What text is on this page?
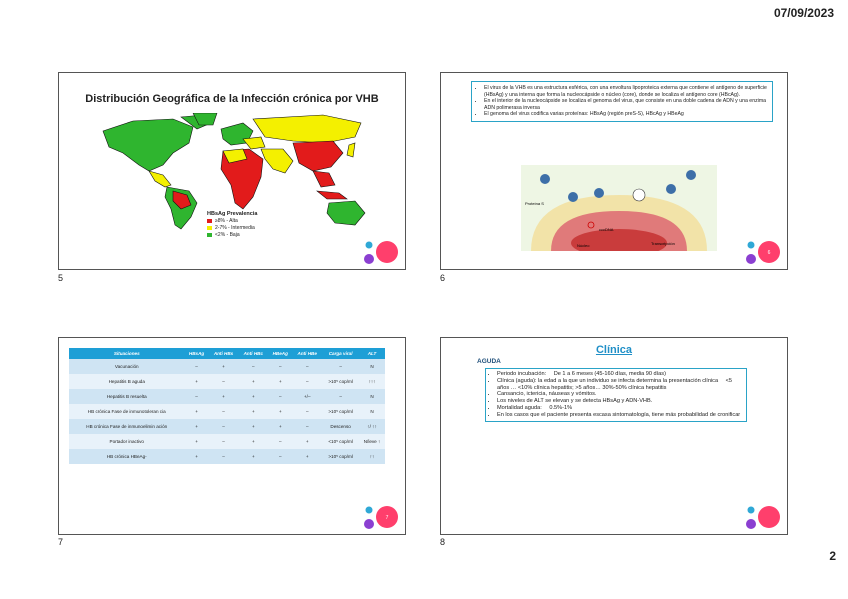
07/09/2023
Distribución Geográfica de la Infección crónica por VHB
HBsAg Prevalencia
≥8% - Alta
2-7% - Intermedia
<2% - Baja
5
• El virus de la VHB es una estructura esférica, con una envoltura lipoproteica externa que contiene el antígeno de superficie (HBsAg) y una interna que forma la nucleocápside o núcleo (core), donde se localiza el antígeno core (HBcAg).
• En el interior de la nucleocápside se localiza el genoma del virus, que consiste en una doble cadena de ADN y una enzima ADN polimerasa inversa
• El genoma del virus codifica varias proteínas: HBsAg (región preS-S), HBcAg y HBeAg
Proteína S
Núcleo
cccDNA
Transcripción
6
6
Situaciones	HBsAg	Anti HBs	Anti HBc	HBeAg	Anti HBe	Carga viral	ALT
Vacunación	–	+	–	–	–	–	N
Hepatitis B aguda	+	–	+	+	–	>10⁵ cop/ml	↑↑↑
Hepatitis B resuelta	–	+	+	–	+/–	–	N
HB crónica Fase de inmunotoleran cia	+	–	+	+	–	>10⁵ cop/ml	N
HB crónica Fase de inmunoelimin ación	+	–	+	+	–	Descenso	↑/ ↑↑
Portador inactivo	+	–	+	–	+	<10⁵ cop/ml	N/leve ↑
HB crónica HBeAg-	+	–	+	–	+	>10⁵ cop/ml	↑↑
7
7
Clínica
AGUDA
• Periodo incubación: De 1 a 6 meses (45-160 días, media 90 días)
• Clínica (aguda): la edad a la que un individuo se infecta determina la presentación clínica <5 años … <10% clínica hepatitis; >5 años… 30%-50% clínica hepatitis
• Cansancio, ictericia, náuseas y vómitos.
• Los niveles de ALT se elevan y se detecta HBsAg y ADN-VHB.
• Mortalidad aguda: 0.5%-1%
• En los casos que el paciente presenta escasa sintomatología, tiene más probabilidad de cronificar
8
2
